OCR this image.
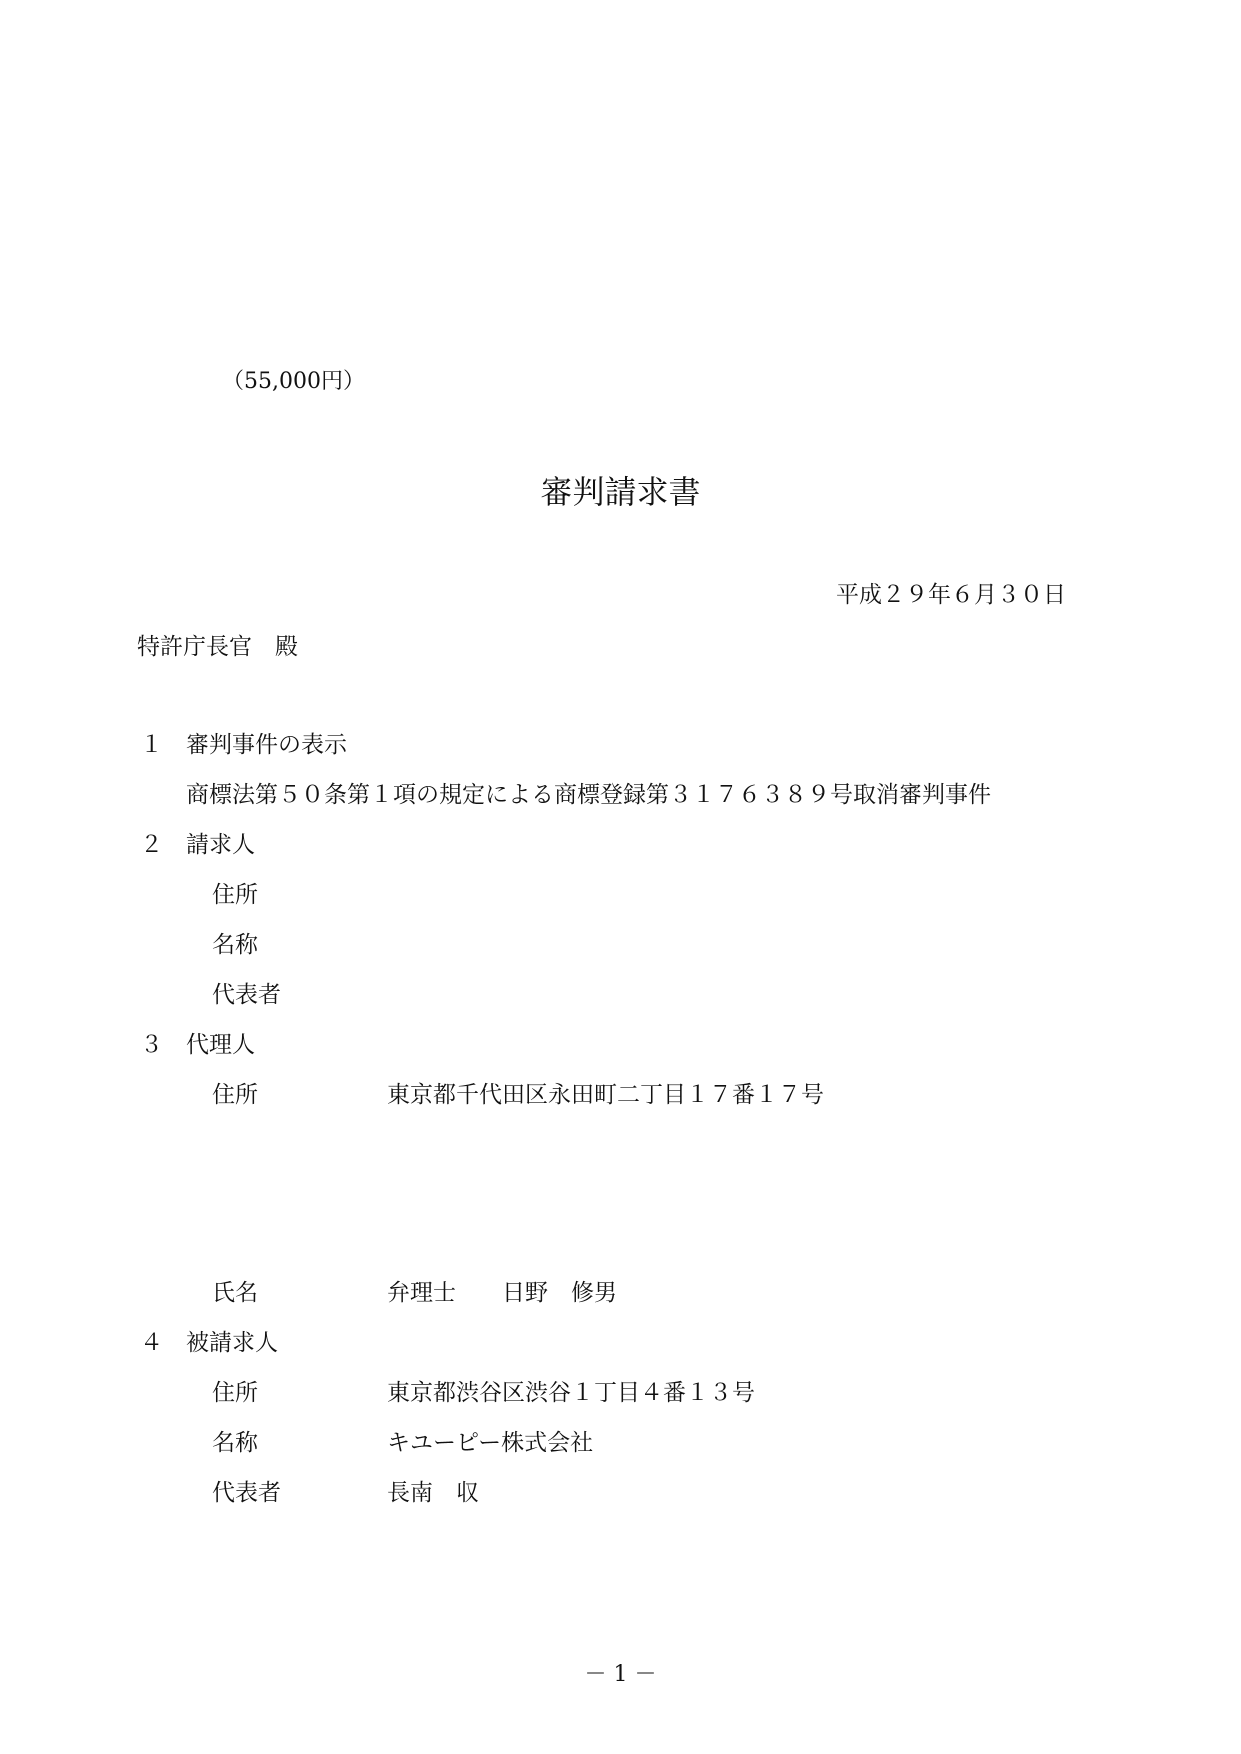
（55,000円）
審判請求書
平成２９年６月３０日
特許庁長官　殿
１ 審判事件の表示
商標法第５０条第１項の規定による商標登録第３１７６３８９号取消審判事件
２ 請求人
住所
名称
代表者
３ 代理人
住所	東京都千代田区永田町二丁目１７番１７号
氏名	弁理士　　日野　修男
４ 被請求人
住所	東京都渋谷区渋谷１丁目４番１３号
名称	キユーピー株式会社
代表者	長南　収
－ 1 －
